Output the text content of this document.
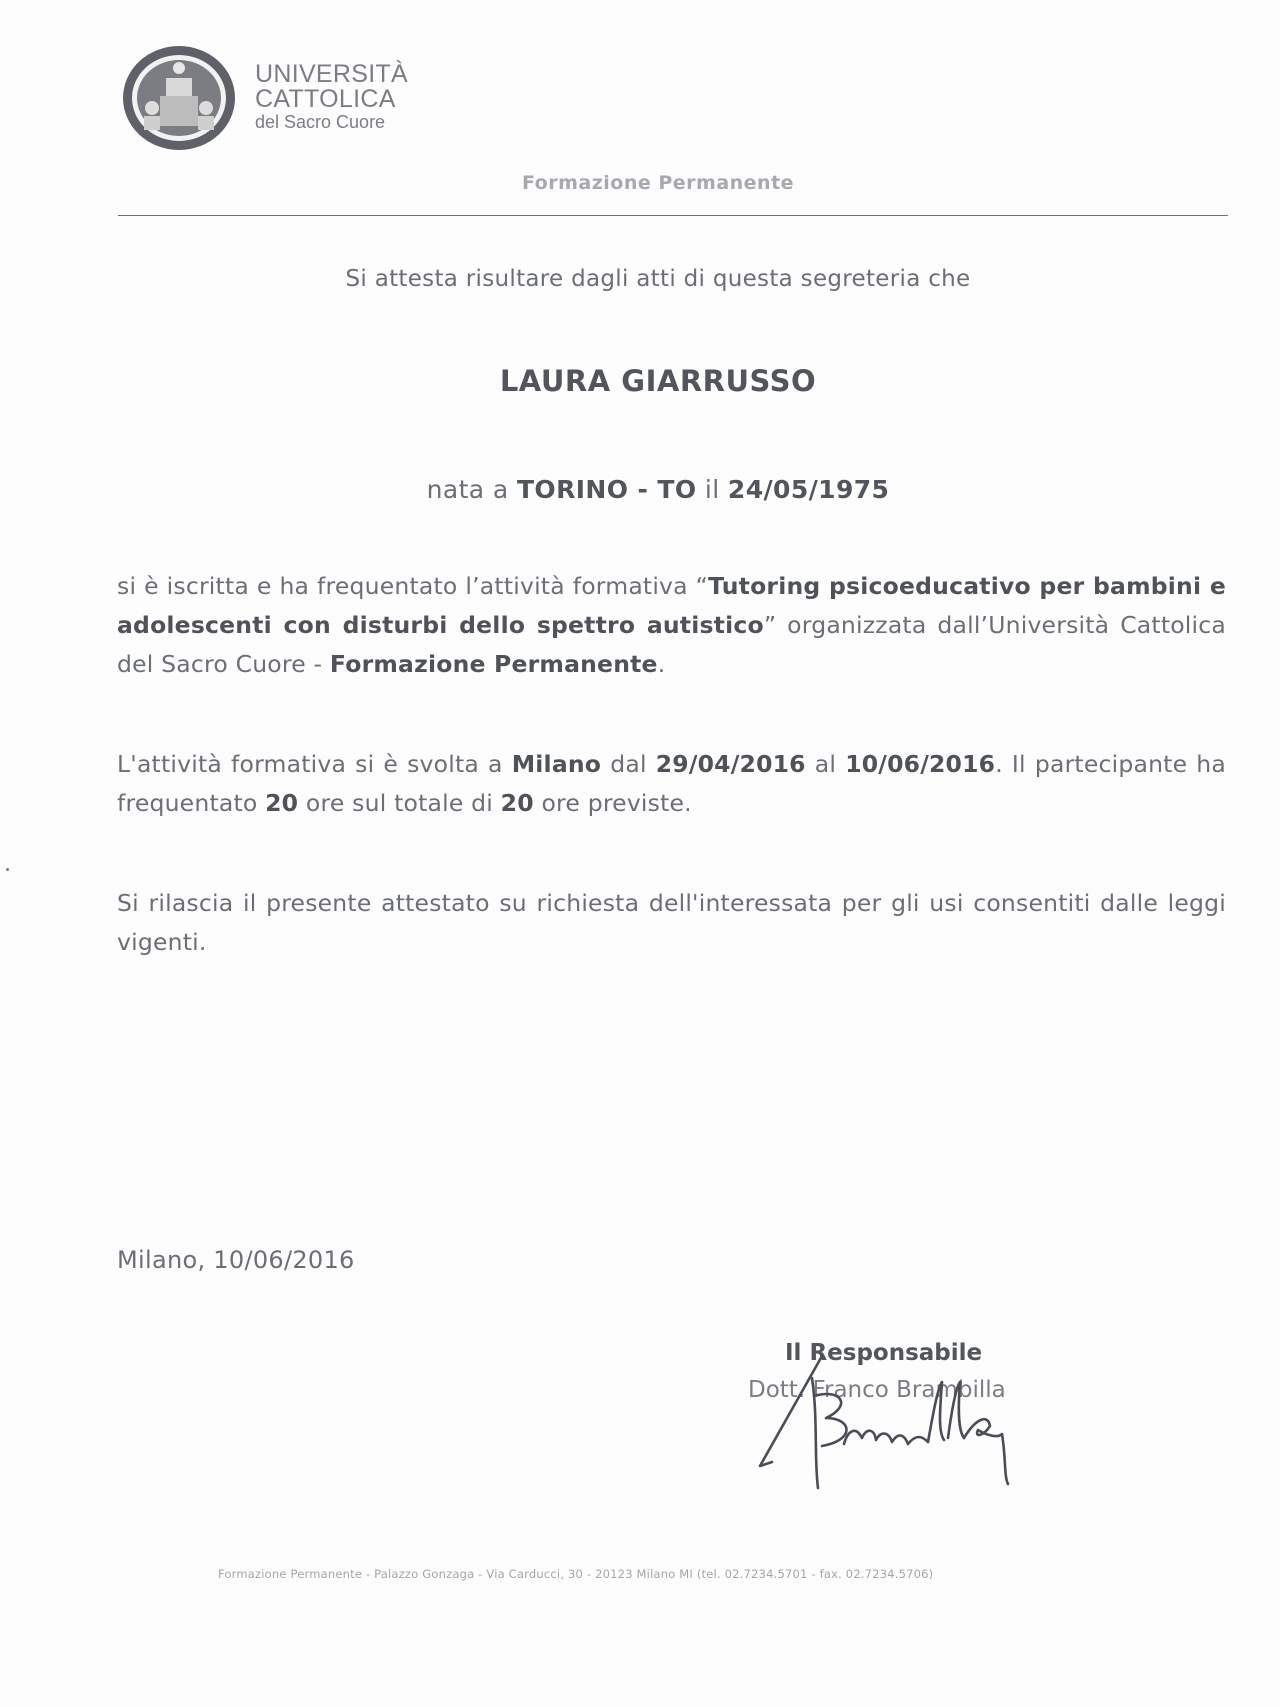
UNIVERSITÀ
CATTOLICA
del Sacro Cuore
Formazione Permanente
Si attesta risultare dagli atti di questa segreteria che
LAURA GIARRUSSO
nata a TORINO - TO il 24/05/1975
si è iscritta e ha frequentato l’attività formativa “Tutoring psicoeducativo per bambini e adolescenti con disturbi dello spettro autistico” organizzata dall’Università Cattolica del Sacro Cuore - Formazione Permanente.
L'attività formativa si è svolta a Milano dal 29/04/2016 al 10/06/2016. Il partecipante ha frequentato 20 ore sul totale di 20 ore previste.
Si rilascia il presente attestato su richiesta dell'interessata per gli usi consentiti dalle leggi vigenti.
Milano, 10/06/2016
Il Responsabile
Dott. Franco Brambilla
Formazione Permanente - Palazzo Gonzaga - Via Carducci, 30 - 20123 Milano MI (tel. 02.7234.5701 - fax. 02.7234.5706)
